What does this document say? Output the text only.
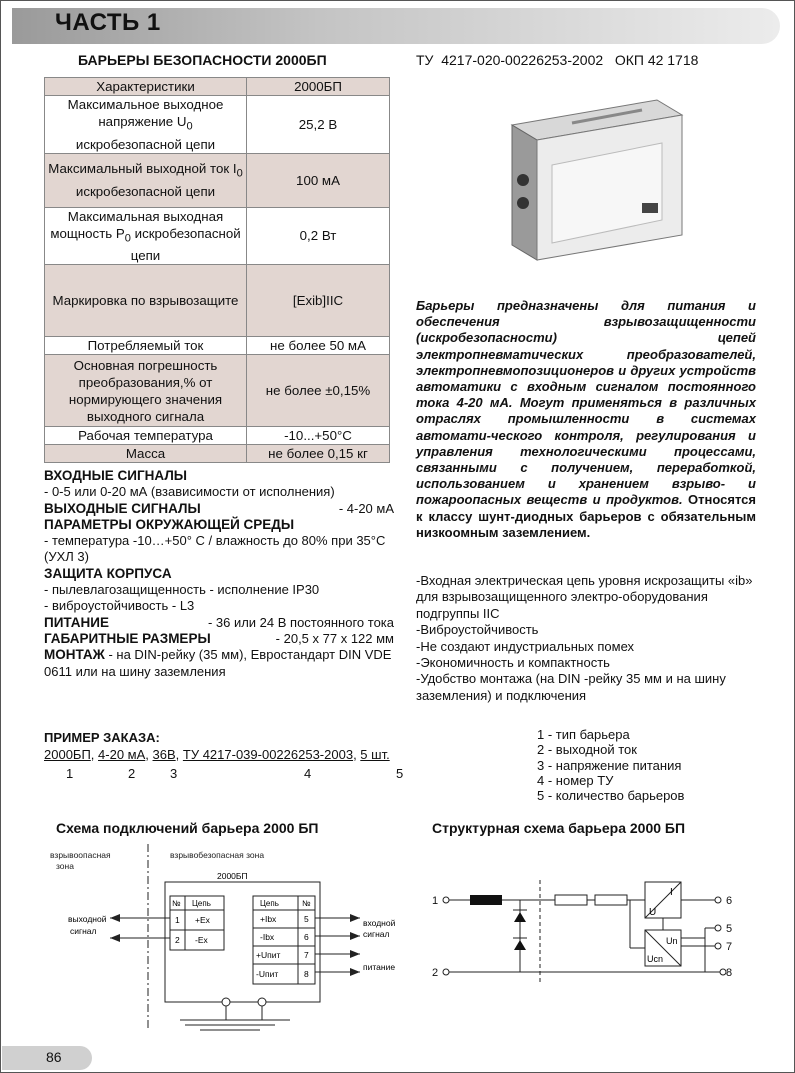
ЧАСТЬ 1
БАРЬЕРЫ БЕЗОПАСНОСТИ 2000БП	ТУ  4217-020-00226253-2002   ОКП 42 1718
Характеристики	2000БП
Максимальное выходное напряжение $U_0$ искробезопасной цепи	25,2 В
Максимальный выходной ток $I_0$ искробезопасной цепи	100 мА
Максимальная выходная мощность $P_0$ искробезопасной цепи	0,2 Вт
Маркировка по взрывозащите	[Exib]IIC
Потребляемый ток	не более 50 мА
Основная погрешность преобразования,% от нормирующего значения выходного сигнала	не более ±0,15%
Рабочая температура	-10...+50°С
Масса	не более 0,15 кг
Барьеры предназначены для питания и обеспечения взрывозащищенности (искробезопасности) цепей электропневматических преобразователей, электропневмопозиционеров и других устройств автоматики с входным сигналом постоянного тока 4-20 мА. Могут применяться в различных отраслях промышленности в системах автомати-ческого контроля, регулирования и управления технологическими процессами, связанными с получением, переработкой, использованием и хранением взрыво- и пожароопасных веществ и продуктов. Относятся к классу шунт-диодных барьеров с обязательным низкоомным заземлением.
-Входная электрическая цепь уровня искрозащиты «ib» для взрывозащищенного электро-оборудования подгруппы IIC
-Виброустойчивость
-Не создают индустриальных помех
-Экономичность и компактность
-Удобство монтажа (на DIN -рейку 35 мм и на шину заземления) и подключения
ВХОДНЫЕ СИГНАЛЫ
- 0-5 или 0-20 мА (взависимости от исполнения)
ВЫХОДНЫЕ СИГНАЛЫ	- 4-20 мА
ПАРАМЕТРЫ ОКРУЖАЮЩЕЙ СРЕДЫ
- температура -10…+50° С / влажность до 80% при 35°С (УХЛ 3)
ЗАЩИТА КОРПУСА
- пылевлагозащищенность - исполнение IP30
- виброустойчивость - L3
ПИТАНИЕ	- 36 или 24 В постоянного тока
ГАБАРИТНЫЕ РАЗМЕРЫ	- 20,5 х 77 х 122 мм
МОНТАЖ - на DIN-рейку (35 мм), Евростандарт DIN VDE 0611 или на шину заземления
ПРИМЕР ЗАКАЗА:
2000БП, 4-20 мА, 36В, ТУ 4217-039-00226253-2003, 5 шт.
1	2	3	4	5
1 - тип барьера
2 - выходной ток
3 - напряжение питания
4 - номер ТУ
5 - количество барьеров
Схема подключений барьера 2000 БП	Структурная схема барьера 2000 БП
взрывоопасная
зона
взрывобезопасная зона
2000БП
№ Цепь
1 +Ex
2 -Ex
Цепь	№
+Ibx	5
-Ibx	6
+Uпит	7
-Uпит	8
выходной
сигнал
входной
сигнал
питание
1
2
6
5
7
8
U
I
Un
Ucn
86
